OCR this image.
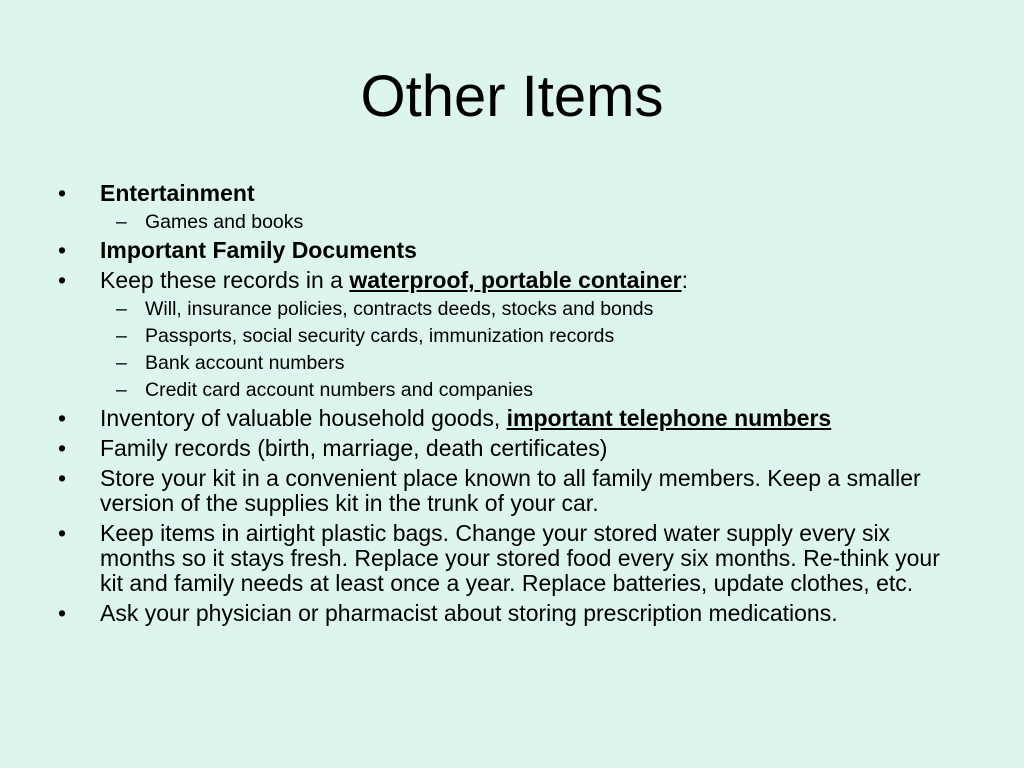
Other Items
• Entertainment
– Games and books
• Important Family Documents
• Keep these records in a waterproof, portable container:
– Will, insurance policies, contracts deeds, stocks and bonds
– Passports, social security cards, immunization records
– Bank account numbers
– Credit card account numbers and companies
• Inventory of valuable household goods, important telephone numbers
• Family records (birth, marriage, death certificates)
• Store your kit in a convenient place known to all family members. Keep a smaller version of the supplies kit in the trunk of your car.
• Keep items in airtight plastic bags. Change your stored water supply every six months so it stays fresh. Replace your stored food every six months. Re-think your kit and family needs at least once a year. Replace batteries, update clothes, etc.
• Ask your physician or pharmacist about storing prescription medications.
